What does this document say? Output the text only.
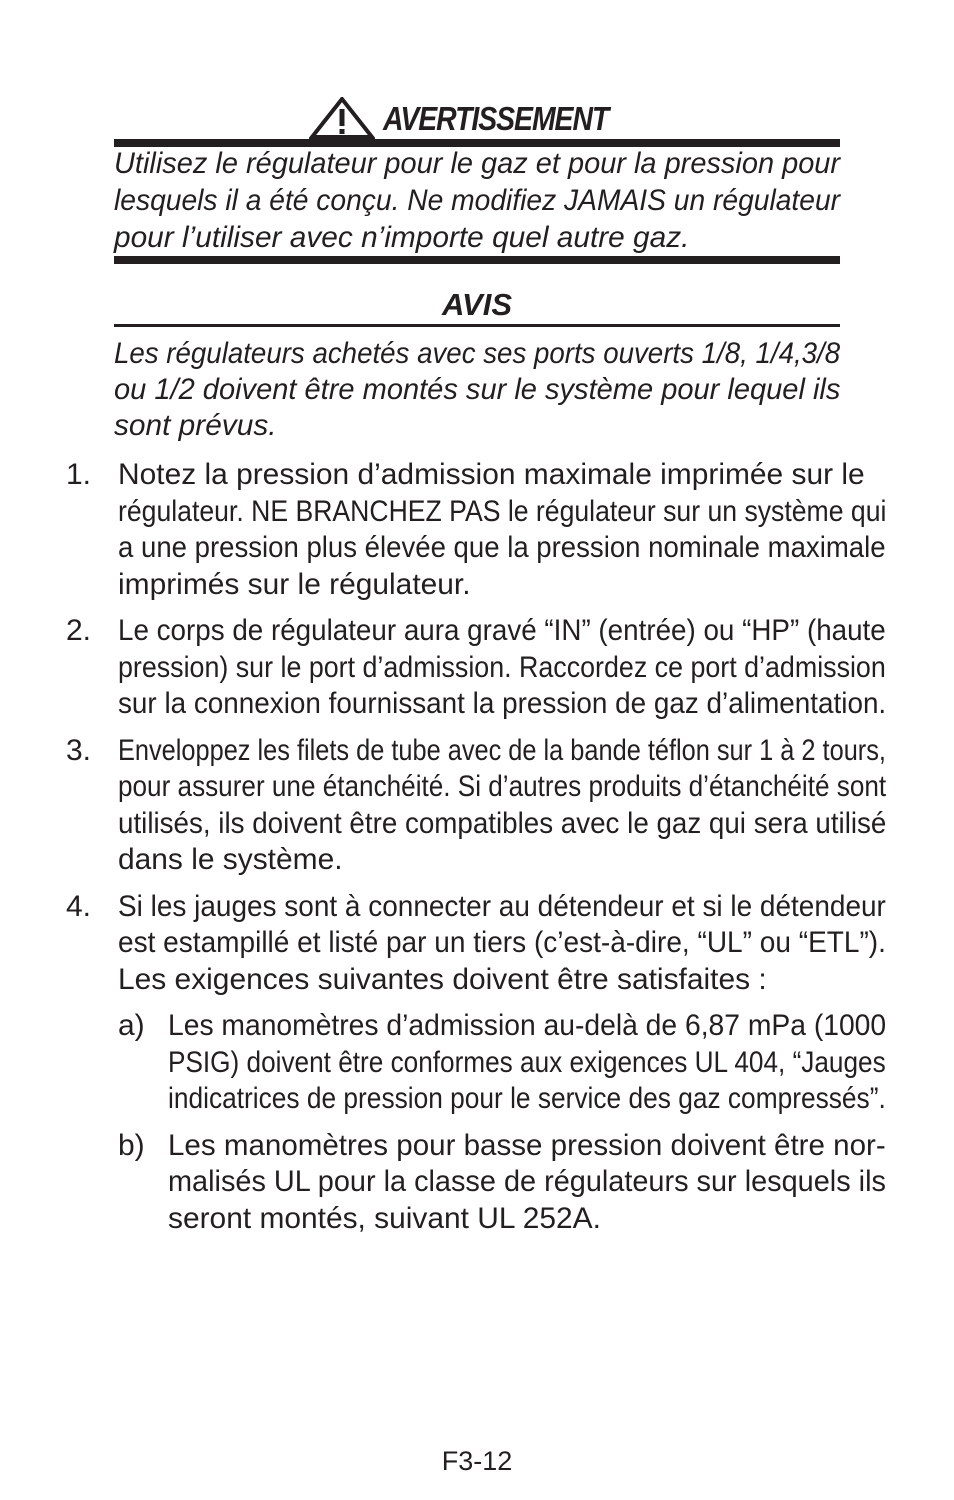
AVERTISSEMENT
Utilisez le régulateur pour le gaz et pour la pression pour
lesquels il a été conçu. Ne modifiez JAMAIS un régulateur
pour l’utiliser avec n’importe quel autre gaz.
AVIS
Les régulateurs achetés avec ses ports ouverts 1/8, 1/4,3/8
ou 1/2 doivent être montés sur le système pour lequel ils
sont prévus.
1. Notez la pression d’admission maximale imprimée sur le
régulateur. NE BRANCHEZ PAS le régulateur sur un système qui
a une pression plus élevée que la pression nominale maximale
imprimés sur le régulateur.
2. Le corps de régulateur aura gravé “IN” (entrée) ou “HP” (haute
pression) sur le port d’admission. Raccordez ce port d’admission
sur la connexion fournissant la pression de gaz d’alimentation.
3. Enveloppez les filets de tube avec de la bande téflon sur 1 à 2 tours,
pour assurer une étanchéité. Si d’autres produits d’étanchéité sont
utilisés, ils doivent être compatibles avec le gaz qui sera utilisé
dans le système.
4. Si les jauges sont à connecter au détendeur et si le détendeur
est estampillé et listé par un tiers (c’est-à-dire, “UL” ou “ETL”).
Les exigences suivantes doivent être satisfaites :
a) Les manomètres d’admission au-delà de 6,87 mPa (1000
PSIG) doivent être conformes aux exigences UL 404, “Jauges
indicatrices de pression pour le service des gaz compressés”.
b) Les manomètres pour basse pression doivent être nor-
malisés UL pour la classe de régulateurs sur lesquels ils
seront montés, suivant UL 252A.
F3-12
